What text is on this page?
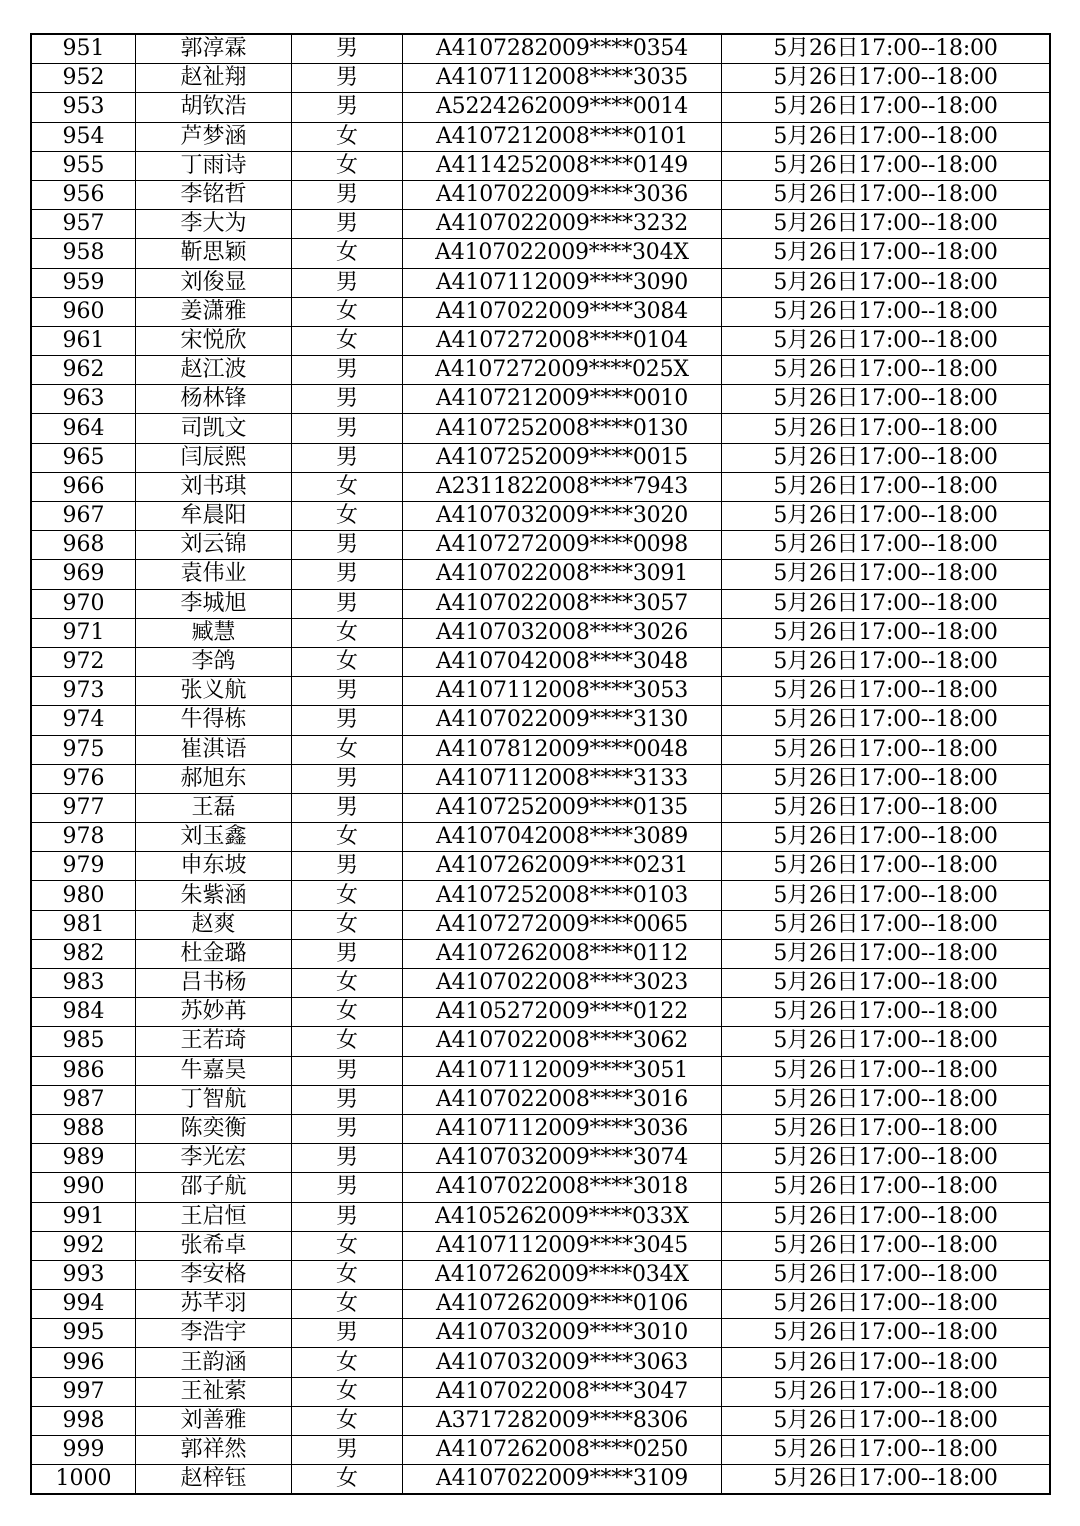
951	郭淳霖	男	A4107282009****0354	5月26日17:00--18:00
952	赵祉翔	男	A4107112008****3035	5月26日17:00--18:00
953	胡钦浩	男	A5224262009****0014	5月26日17:00--18:00
954	芦梦涵	女	A4107212008****0101	5月26日17:00--18:00
955	丁雨诗	女	A4114252008****0149	5月26日17:00--18:00
956	李铭哲	男	A4107022009****3036	5月26日17:00--18:00
957	李大为	男	A4107022009****3232	5月26日17:00--18:00
958	靳思颖	女	A4107022009****304X	5月26日17:00--18:00
959	刘俊显	男	A4107112009****3090	5月26日17:00--18:00
960	姜潇雅	女	A4107022009****3084	5月26日17:00--18:00
961	宋悦欣	女	A4107272008****0104	5月26日17:00--18:00
962	赵江波	男	A4107272009****025X	5月26日17:00--18:00
963	杨林锋	男	A4107212009****0010	5月26日17:00--18:00
964	司凯文	男	A4107252008****0130	5月26日17:00--18:00
965	闫辰熙	男	A4107252009****0015	5月26日17:00--18:00
966	刘书琪	女	A2311822008****7943	5月26日17:00--18:00
967	牟晨阳	女	A4107032009****3020	5月26日17:00--18:00
968	刘云锦	男	A4107272009****0098	5月26日17:00--18:00
969	袁伟业	男	A4107022008****3091	5月26日17:00--18:00
970	李城旭	男	A4107022008****3057	5月26日17:00--18:00
971	臧慧	女	A4107032008****3026	5月26日17:00--18:00
972	李鸽	女	A4107042008****3048	5月26日17:00--18:00
973	张义航	男	A4107112008****3053	5月26日17:00--18:00
974	牛得栋	男	A4107022009****3130	5月26日17:00--18:00
975	崔淇语	女	A4107812009****0048	5月26日17:00--18:00
976	郝旭东	男	A4107112008****3133	5月26日17:00--18:00
977	王磊	男	A4107252009****0135	5月26日17:00--18:00
978	刘玉鑫	女	A4107042008****3089	5月26日17:00--18:00
979	申东坡	男	A4107262009****0231	5月26日17:00--18:00
980	朱紫涵	女	A4107252008****0103	5月26日17:00--18:00
981	赵爽	女	A4107272009****0065	5月26日17:00--18:00
982	杜金璐	男	A4107262008****0112	5月26日17:00--18:00
983	吕书杨	女	A4107022008****3023	5月26日17:00--18:00
984	苏妙苒	女	A4105272009****0122	5月26日17:00--18:00
985	王若琦	女	A4107022008****3062	5月26日17:00--18:00
986	牛嘉昊	男	A4107112009****3051	5月26日17:00--18:00
987	丁智航	男	A4107022008****3016	5月26日17:00--18:00
988	陈奕衡	男	A4107112009****3036	5月26日17:00--18:00
989	李光宏	男	A4107032009****3074	5月26日17:00--18:00
990	邵子航	男	A4107022008****3018	5月26日17:00--18:00
991	王启恒	男	A4105262009****033X	5月26日17:00--18:00
992	张希卓	女	A4107112009****3045	5月26日17:00--18:00
993	李安格	女	A4107262009****034X	5月26日17:00--18:00
994	苏芊羽	女	A4107262009****0106	5月26日17:00--18:00
995	李浩宇	男	A4107032009****3010	5月26日17:00--18:00
996	王韵涵	女	A4107032009****3063	5月26日17:00--18:00
997	王祉萦	女	A4107022008****3047	5月26日17:00--18:00
998	刘善雅	女	A3717282009****8306	5月26日17:00--18:00
999	郭祥然	男	A4107262008****0250	5月26日17:00--18:00
1000	赵梓钰	女	A4107022009****3109	5月26日17:00--18:00
